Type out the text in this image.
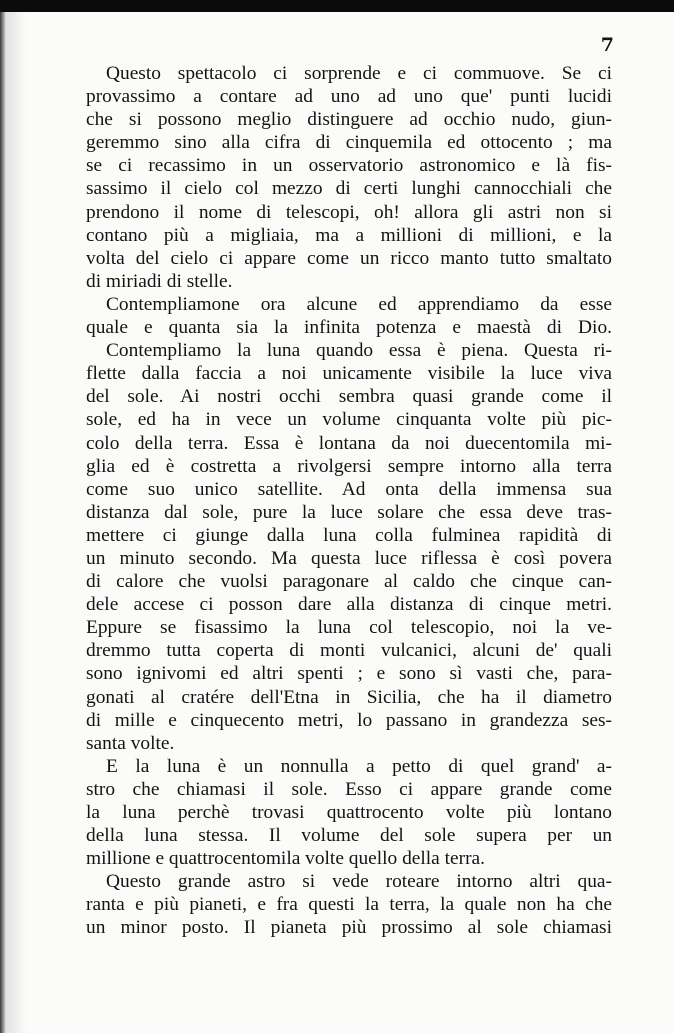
7

Questo spettacolo ci sorprende e ci commuove. Se ci
provassimo a contare ad uno ad uno que' punti lucidi
che si possono meglio distinguere ad occhio nudo, giun-
geremmo sino alla cifra di cinquemila ed ottocento ; ma
se ci recassimo in un osservatorio astronomico e là fis-
sassimo il cielo col mezzo di certi lunghi cannocchiali che
prendono il nome di telescopi, oh! allora gli astri non si
contano più a migliaia, ma a millioni di millioni, e la
volta del cielo ci appare come un ricco manto tutto smaltato
di miriadi di stelle.

Contempliamone ora alcune ed apprendiamo da esse
quale e quanta sia la infinita potenza e maestà di Dio.

Contempliamo la luna quando essa è piena. Questa ri-
flette dalla faccia a noi unicamente visibile la luce viva
del sole. Ai nostri occhi sembra quasi grande come il
sole, ed ha in vece un volume cinquanta volte più pic-
colo della terra. Essa è lontana da noi duecentomila mi-
glia ed è costretta a rivolgersi sempre intorno alla terra
come suo unico satellite. Ad onta della immensa sua
distanza dal sole, pure la luce solare che essa deve tras-
mettere ci giunge dalla luna colla fulminea rapidità di
un minuto secondo. Ma questa luce riflessa è così povera
di calore che vuolsi paragonare al caldo che cinque can-
dele accese ci posson dare alla distanza di cinque metri.
Eppure se fisassimo la luna col telescopio, noi la ve-
dremmo tutta coperta di monti vulcanici, alcuni de' quali
sono ignivomi ed altri spenti ; e sono sì vasti che, para-
gonati al cratére dell'Etna in Sicilia, che ha il diametro
di mille e cinquecento metri, lo passano in grandezza ses-
santa volte.

E la luna è un nonnulla a petto di quel grand' a-
stro che chiamasi il sole. Esso ci appare grande come
la luna perchè trovasi quattrocento volte più lontano
della luna stessa. Il volume del sole supera per un
millione e quattrocentomila volte quello della terra.

Questo grande astro si vede roteare intorno altri qua-
ranta e più pianeti, e fra questi la terra, la quale non ha che
un minor posto. Il pianeta più prossimo al sole chiamasi
